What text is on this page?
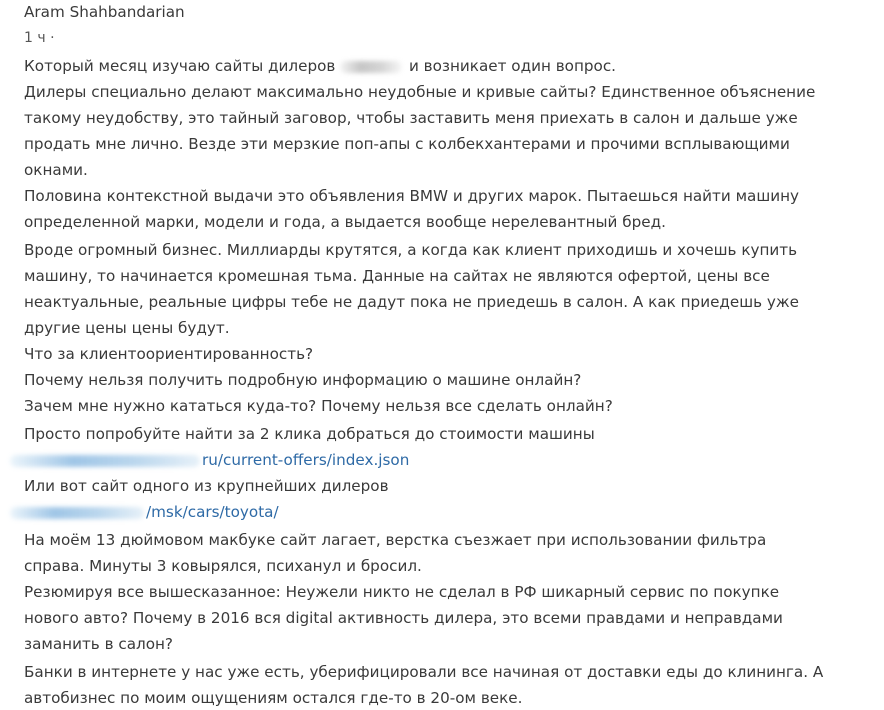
Aram Shahbandarian
1 ч ·
Который месяц изучаю сайты дилеров	и возникает один вопрос.
Дилеры специально делают максимально неудобные и кривые сайты? Единственное объяснение
такому неудобству, это тайный заговор, чтобы заставить меня приехать в салон и дальше уже
продать мне лично. Везде эти мерзкие поп-апы с колбекхантерами и прочими всплывающими
окнами.
Половина контекстной выдачи это объявления BMW и других марок. Пытаешься найти машину
определенной марки, модели и года, а выдается вообще нерелевантный бред.
Вроде огромный бизнес. Миллиарды крутятся, а когда как клиент приходишь и хочешь купить
машину, то начинается кромешная тьма. Данные на сайтах не являются офертой, цены все
неактуальные, реальные цифры тебе не дадут пока не приедешь в салон. А как приедешь уже
другие цены цены будут.
Что за клиентоориентированность?
Почему нельзя получить подробную информацию о машине онлайн?
Зачем мне нужно кататься куда-то? Почему нельзя все сделать онлайн?
Просто попробуйте найти за 2 клика добраться до стоимости машины
ru/current-offers/index.json
Или вот сайт одного из крупнейших дилеров
/msk/cars/toyota/
На моём 13 дюймовом макбуке сайт лагает, верстка съезжает при использовании фильтра
справа. Минуты 3 ковырялся, психанул и бросил.
Резюмируя все вышесказанное: Неужели никто не сделал в РФ шикарный сервис по покупке
нового авто? Почему в 2016 вся digital активность дилера, это всеми правдами и неправдами
заманить в салон?
Банки в интернете у нас уже есть, уберифицировали все начиная от доставки еды до клининга. А
автобизнес по моим ощущениям остался где-то в 20-ом веке.
